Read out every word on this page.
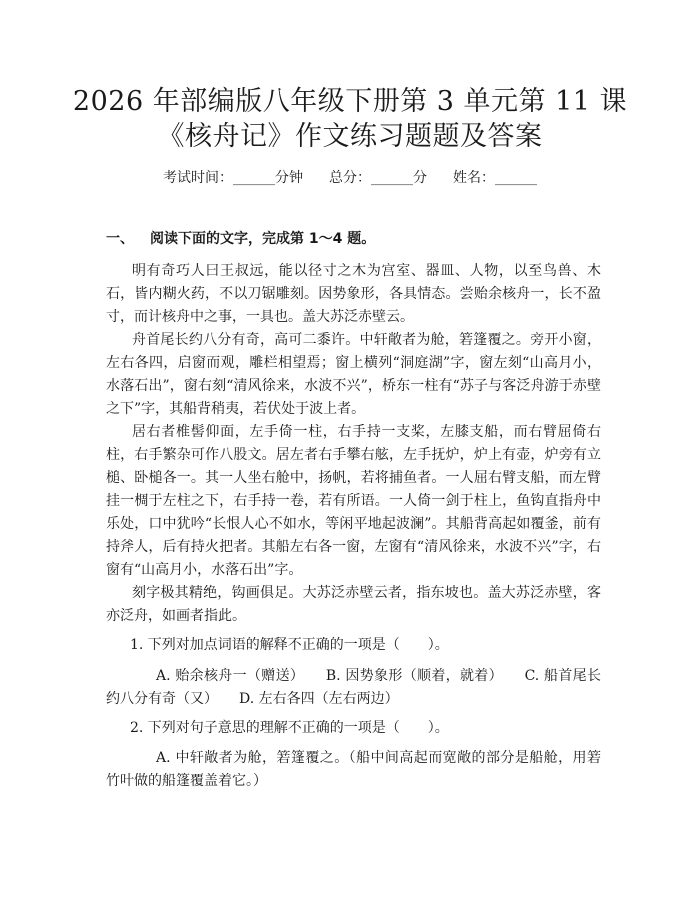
2026 年部编版八年级下册第 3 单元第 11 课
《核舟记》作文练习题题及答案
考试时间：______分钟 总分：______分 姓名：______
一、 阅读下面的文字，完成第 1～4 题。

明有奇巧人曰王叔远，能以径寸之木为宫室、器皿、人物，以至鸟兽、木石，皆内糊火药，不以刀锯雕刻。因势象形，各具情态。尝贻余核舟一，长不盈寸，而计核舟中之事，一具也。盖大苏泛赤壁云。

舟首尾长约八分有奇，高可二黍许。中轩敞者为舱，箬篷覆之。旁开小窗，左右各四，启窗而观，雕栏相望焉；窗上横列“洞庭湖”字，窗左刻“山高月小，水落石出”，窗右刻“清风徐来，水波不兴”，桥东一柱有“苏子与客泛舟游于赤壁之下”字，其船背稍夷，若伏处于波上者。

居右者椎髻仰面，左手倚一柱，右手持一支桨，左膝支船，而右臂屈倚右柱，右手繁杂可作八股文。居左者右手攀右舷，左手抚炉，炉上有壶，炉旁有立槌、卧槌各一。其一人坐右舱中，扬帆，若将捕鱼者。一人屈右臂支船，而左臂挂一椆于左柱之下，右手持一卷，若有所语。一人倚一剑于柱上，鱼钩直指舟中乐处，口中犹吟“长恨人心不如水，等闲平地起波澜”。其船背高起如覆釜，前有持斧人，后有持火把者。其船左右各一窗，左窗有“清风徐来，水波不兴”字，右窗有“山高月小，水落石出”字。

刻字极其精绝，钩画俱足。大苏泛赤壁云者，指东坡也。盖大苏泛赤壁，客亦泛舟，如画者指此。

1. 下列对加点词语的解释不正确的一项是（　　）。

A. 贻余核舟一（赠送）　　B. 因势象形（顺着，就着）　　C. 船首尾长约八分有奇（又）　　D. 左右各四（左右两边）

2. 下列对句子意思的理解不正确的一项是（　　）。

A. 中轩敞者为舱，箬篷覆之。（船中间高起而宽敞的部分是船舱，用箬竹叶做的船篷覆盖着它。）
